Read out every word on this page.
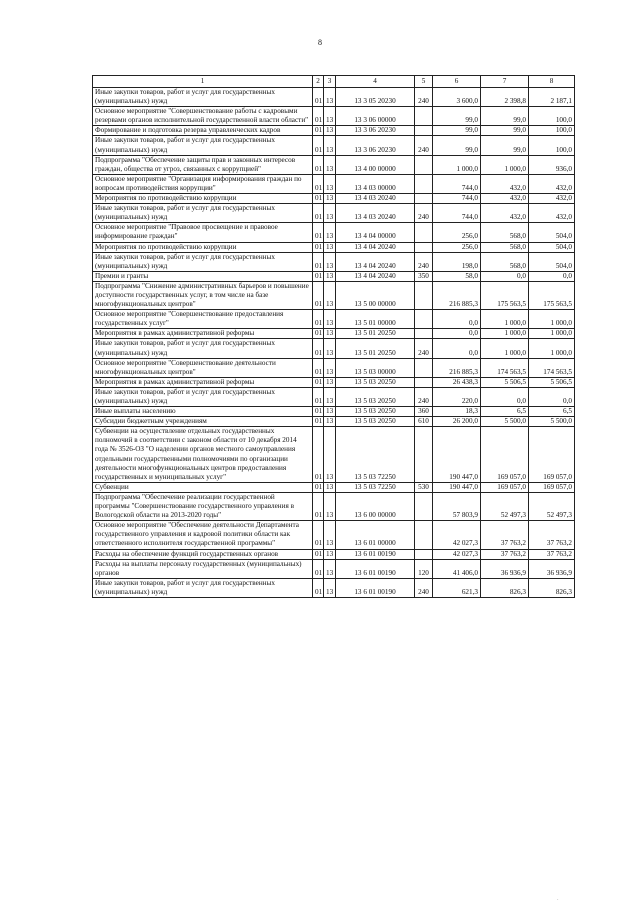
8
1	2	3	4	5	6	7	8
Иные закупки товаров, работ и услуг для государственных (муниципальных) нужд	01	13	13 3 05 20230	240	3 600,0	2 398,8	2 187,1
Основное мероприятие "Совершенствование работы с кадровыми резервами органов исполнительной государственной власти области"	01	13	13 3 06 00000		99,0	99,0	100,0
Формирование и подготовка резерва управленческих кадров	01	13	13 3 06 20230		99,0	99,0	100,0
Иные закупки товаров, работ и услуг для государственных (муниципальных) нужд	01	13	13 3 06 20230	240	99,0	99,0	100,0
Подпрограмма "Обеспечение защиты прав и законных интересов граждан, общества от угроз, связанных с коррупцией"	01	13	13 4 00 00000		1 000,0	1 000,0	936,0
Основное мероприятие "Организация информирования граждан по вопросам противодействия коррупции"	01	13	13 4 03 00000		744,0	432,0	432,0
Мероприятия по противодействию коррупции	01	13	13 4 03 20240		744,0	432,0	432,0
Иные закупки товаров, работ и услуг для государственных (муниципальных) нужд	01	13	13 4 03 20240	240	744,0	432,0	432,0
Основное мероприятие "Правовое просвещение и правовое информирование граждан"	01	13	13 4 04 00000		256,0	568,0	504,0
Мероприятия по противодействию коррупции	01	13	13 4 04 20240		256,0	568,0	504,0
Иные закупки товаров, работ и услуг для государственных (муниципальных) нужд	01	13	13 4 04 20240	240	198,0	568,0	504,0
Премии и гранты	01	13	13 4 04 20240	350	58,0	0,0	0,0
Подпрограмма "Снижение административных барьеров и повышение доступности государственных услуг, в том числе на базе многофункциональных центров"	01	13	13 5 00 00000		216 885,3	175 563,5	175 563,5
Основное мероприятие "Совершенствование предоставления государственных услуг"	01	13	13 5 01 00000		0,0	1 000,0	1 000,0
Мероприятия в рамках административной реформы	01	13	13 5 01 20250		0,0	1 000,0	1 000,0
Иные закупки товаров, работ и услуг для государственных (муниципальных) нужд	01	13	13 5 01 20250	240	0,0	1 000,0	1 000,0
Основное мероприятие "Совершенствование деятельности многофункциональных центров"	01	13	13 5 03 00000		216 885,3	174 563,5	174 563,5
Мероприятия в рамках административной реформы	01	13	13 5 03 20250		26 438,3	5 506,5	5 506,5
Иные закупки товаров, работ и услуг для государственных (муниципальных) нужд	01	13	13 5 03 20250	240	220,0	0,0	0,0
Иные выплаты населению	01	13	13 5 03 20250	360	18,3	6,5	6,5
Субсидии бюджетным учреждениям	01	13	13 5 03 20250	610	26 200,0	5 500,0	5 500,0
Субвенции на осуществление отдельных государственных полномочий в соответствии с законом области от 10 декабря 2014 года № 3526-ОЗ "О наделении органов местного самоуправления отдельными государственными полномочиями по организации деятельности многофункциональных центров предоставления государственных и муниципальных услуг"	01	13	13 5 03 72250		190 447,0	169 057,0	169 057,0
Субвенции	01	13	13 5 03 72250	530	190 447,0	169 057,0	169 057,0
Подпрограмма "Обеспечение реализации государственной программы "Совершенствование государственного управления в Вологодской области на 2013-2020 годы"	01	13	13 6 00 00000		57 803,9	52 497,3	52 497,3
Основное мероприятие "Обеспечение деятельности Департамента государственного управления и кадровой политики области как ответственного исполнителя государственной программы"	01	13	13 6 01 00000		42 027,3	37 763,2	37 763,2
Расходы на обеспечение функций государственных органов	01	13	13 6 01 00190		42 027,3	37 763,2	37 763,2
Расходы на выплаты персоналу государственных (муниципальных) органов	01	13	13 6 01 00190	120	41 406,0	36 936,9	36 936,9
Иные закупки товаров, работ и услуг для государственных (муниципальных) нужд	01	13	13 6 01 00190	240	621,3	826,3	826,3
·
